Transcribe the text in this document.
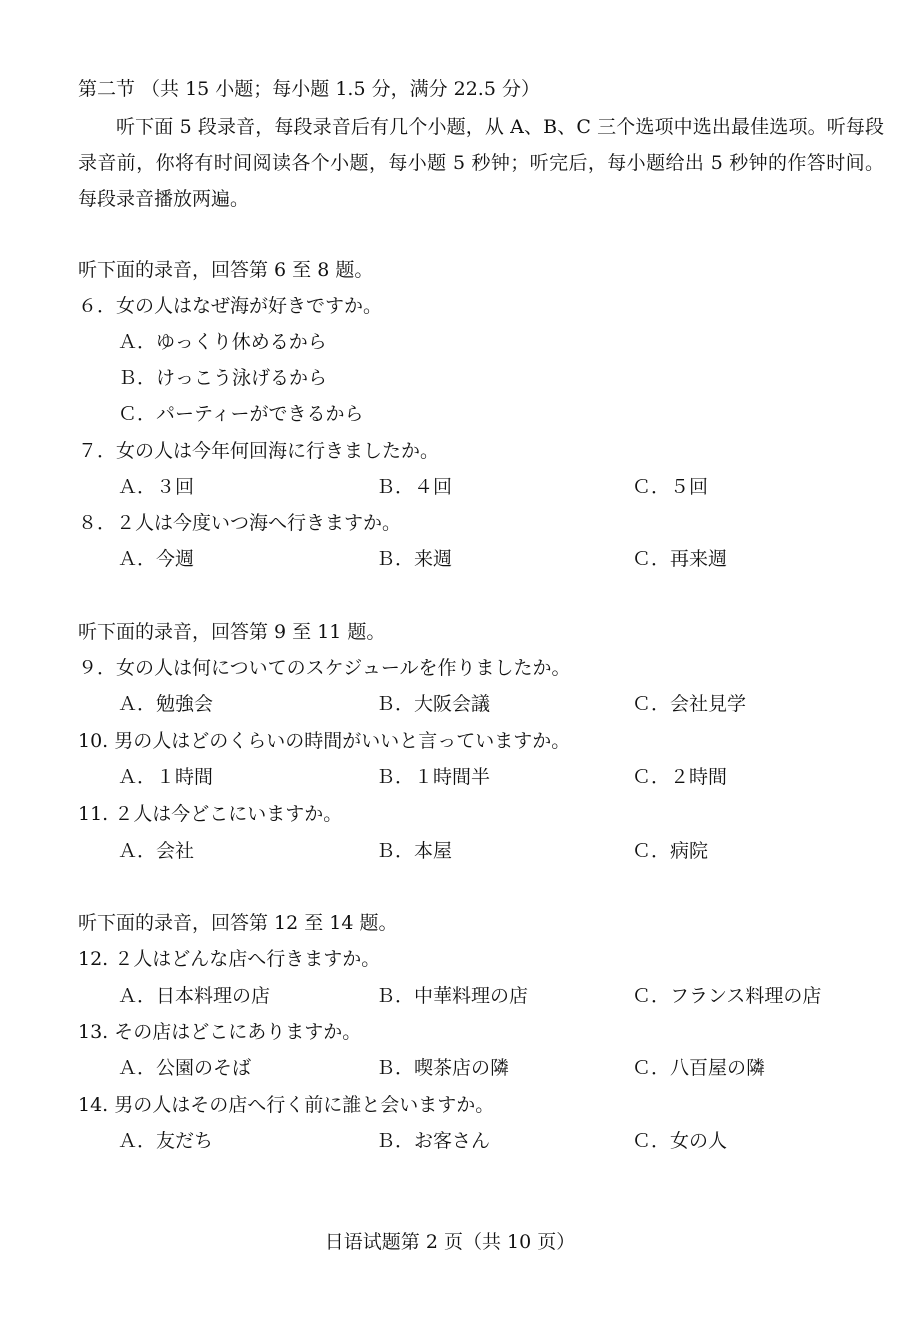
第二节 （共 15 小题；每小题 1.5 分，满分 22.5 分）
听下面 5 段录音，每段录音后有几个小题，从 A、B、C 三个选项中选出最佳选项。听每段录音前，你将有时间阅读各个小题，每小题 5 秒钟；听完后，每小题给出 5 秒钟的作答时间。每段录音播放两遍。
听下面的录音，回答第 6 至 8 题。
６．女の人はなぜ海が好きですか。
Ａ．ゆっくり休めるから
Ｂ．けっこう泳げるから
Ｃ．パーティーができるから
７．女の人は今年何回海に行きましたか。
Ａ．３回	Ｂ．４回	Ｃ．５回
８．２人は今度いつ海へ行きますか。
Ａ．今週	Ｂ．来週	Ｃ．再来週
听下面的录音，回答第 9 至 11 题。
９．女の人は何についてのスケジュールを作りましたか。
Ａ．勉強会	Ｂ．大阪会議	Ｃ．会社見学
10. 男の人はどのくらいの時間がいいと言っていますか。
Ａ．１時間	Ｂ．１時間半	Ｃ．２時間
11. ２人は今どこにいますか。
Ａ．会社	Ｂ．本屋	Ｃ．病院
听下面的录音，回答第 12 至 14 题。
12. ２人はどんな店へ行きますか。
Ａ．日本料理の店	Ｂ．中華料理の店	Ｃ．フランス料理の店
13. その店はどこにありますか。
Ａ．公園のそば	Ｂ．喫茶店の隣	Ｃ．八百屋の隣
14. 男の人はその店へ行く前に誰と会いますか。
Ａ．友だち	Ｂ．お客さん	Ｃ．女の人
日语试题第 2 页（共 10 页）
